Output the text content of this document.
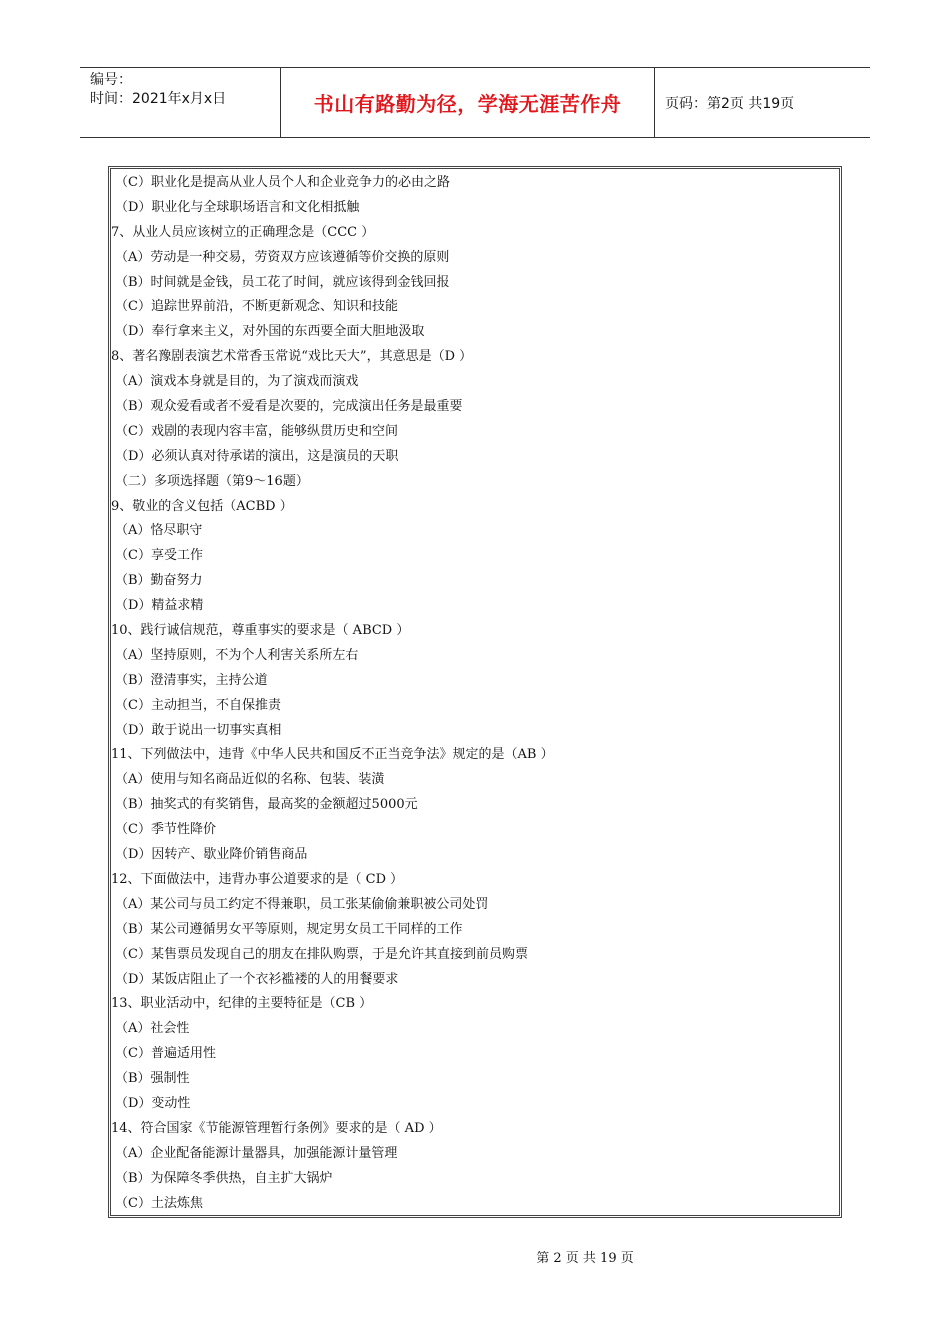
编号：
时间：2021年x月x日	书山有路勤为径，学海无涯苦作舟	页码：第2页 共19页
（C）职业化是提高从业人员个人和企业竞争力的必由之路
（D）职业化与全球职场语言和文化相抵触
7、从业人员应该树立的正确理念是（CCC ）
（A）劳动是一种交易，劳资双方应该遵循等价交换的原则
（B）时间就是金钱，员工花了时间，就应该得到金钱回报
（C）追踪世界前沿，不断更新观念、知识和技能
（D）奉行拿来主义，对外国的东西要全面大胆地汲取
8、著名豫剧表演艺术常香玉常说“戏比天大”，其意思是（D ）
（A）演戏本身就是目的，为了演戏而演戏
（B）观众爱看或者不爱看是次要的，完成演出任务是最重要
（C）戏剧的表现内容丰富，能够纵贯历史和空间
（D）必须认真对待承诺的演出，这是演员的天职
（二）多项选择题（第9～16题）
9、敬业的含义包括（ACBD ）
（A）恪尽职守
（C）享受工作
（B）勤奋努力
（D）精益求精
10、践行诚信规范，尊重事实的要求是（ ABCD ）
（A）坚持原则，不为个人利害关系所左右
（B）澄清事实，主持公道
（C）主动担当，不自保推责
（D）敢于说出一切事实真相
11、下列做法中，违背《中华人民共和国反不正当竞争法》规定的是（AB ）
（A）使用与知名商品近似的名称、包装、装潢
（B）抽奖式的有奖销售，最高奖的金额超过5000元
（C）季节性降价
（D）因转产、歇业降价销售商品
12、下面做法中，违背办事公道要求的是（ CD ）
（A）某公司与员工约定不得兼职，员工张某偷偷兼职被公司处罚
（B）某公司遵循男女平等原则，规定男女员工干同样的工作
（C）某售票员发现自己的朋友在排队购票，于是允许其直接到前员购票
（D）某饭店阻止了一个衣衫褴褛的人的用餐要求
13、职业活动中，纪律的主要特征是（CB ）
（A）社会性
（C）普遍适用性
（B）强制性
（D）变动性
14、符合国家《节能源管理暂行条例》要求的是（ AD ）
（A）企业配备能源计量器具，加强能源计量管理
（B）为保障冬季供热，自主扩大锅炉
（C）土法炼焦
第 2 页 共 19 页
